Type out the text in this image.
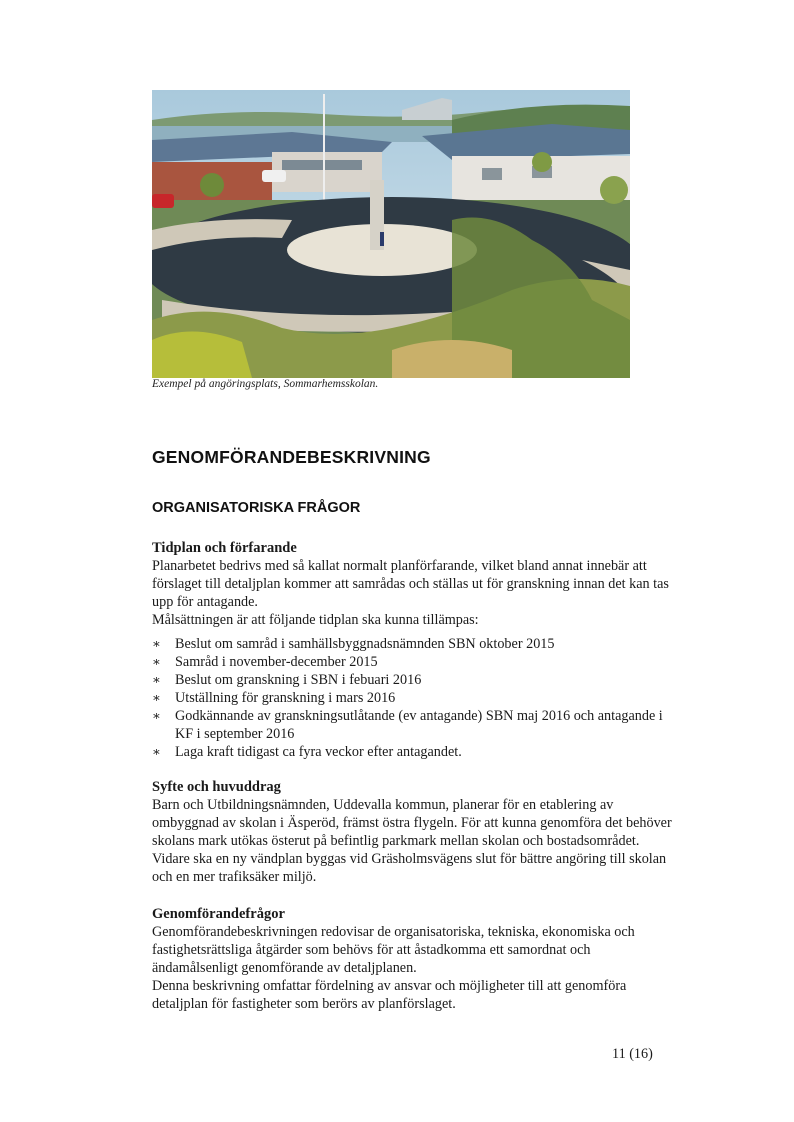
Exempel på angöringsplats, Sommarhemsskolan.
GENOMFÖRANDEBESKRIVNING
ORGANISATORISKA FRÅGOR
Tidplan och förfarande

Planarbetet bedrivs med så kallat normalt planförfarande, vilket bland annat innebär att förslaget till detaljplan kommer att samrådas och ställas ut för granskning innan det kan tas upp för antagande.

Målsättningen är att följande tidplan ska kunna tillämpas:

∗ Beslut om samråd i samhällsbyggnadsnämnden SBN oktober 2015
∗ Samråd i november-december 2015
∗ Beslut om granskning i SBN i febuari 2016
∗ Utställning för granskning i mars 2016
∗ Godkännande av granskningsutlåtande (ev antagande) SBN maj 2016 och antagande i KF i september 2016
∗ Laga kraft tidigast ca fyra veckor efter antagandet.
Syfte och huvuddrag

Barn och Utbildningsnämnden, Uddevalla kommun, planerar för en etablering av ombyggnad av skolan i Äsperöd, främst östra flygeln. För att kunna genomföra det behöver skolans mark utökas österut på befintlig parkmark mellan skolan och bostadsområdet. Vidare ska en ny vändplan byggas vid Gräsholmsvägens slut för bättre angöring till skolan och en mer trafiksäker miljö.

Genomförandefrågor

Genomförandebeskrivningen redovisar de organisatoriska, tekniska, ekonomiska och fastighetsrättsliga åtgärder som behövs för att åstadkomma ett samordnat och ändamålsenligt genomförande av detaljplanen.

Denna beskrivning omfattar fördelning av ansvar och möjligheter till att genomföra detaljplan för fastigheter som berörs av planförslaget.

11 (16)
